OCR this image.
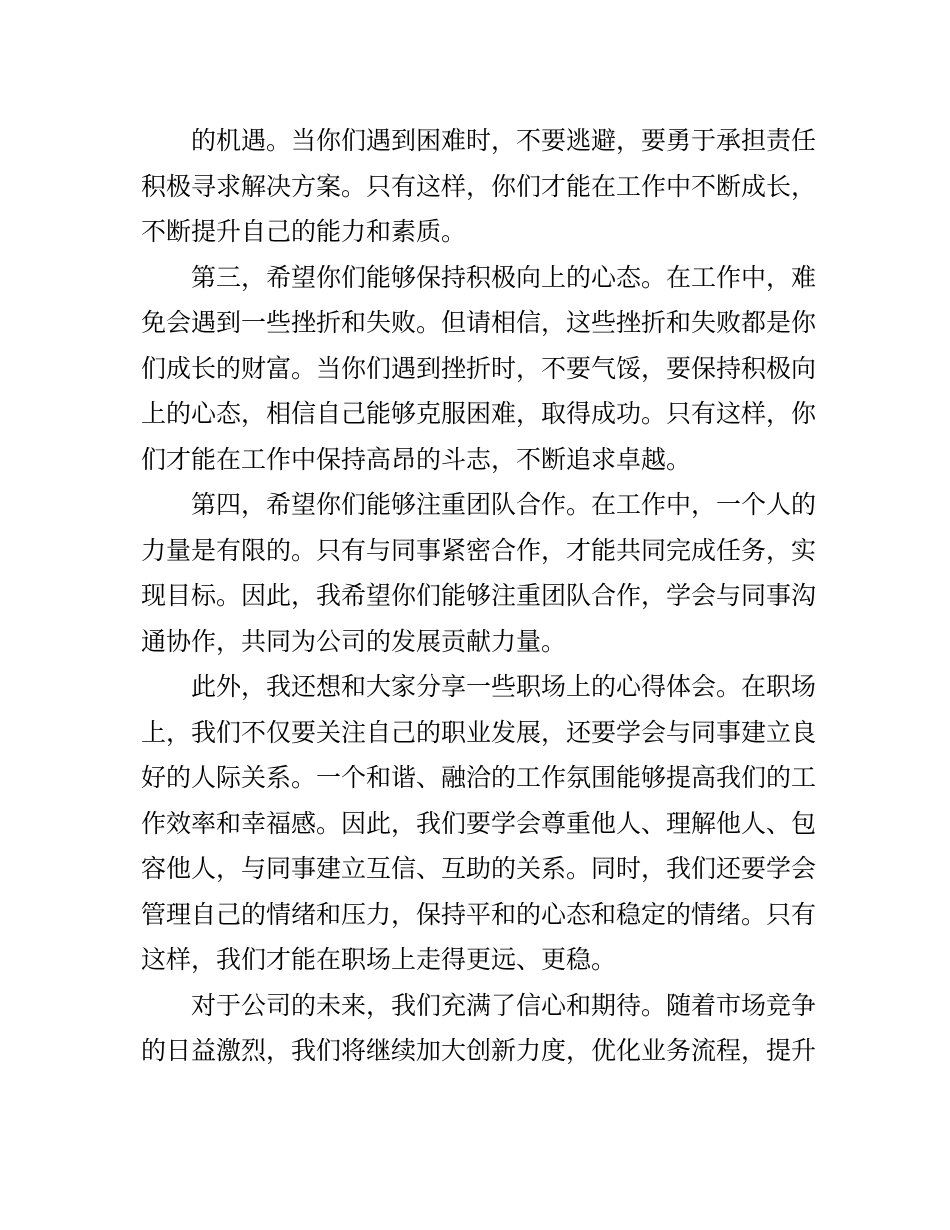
　　的机遇。当你们遇到困难时，不要逃避，要勇于承担责任
积极寻求解决方案。只有这样，你们才能在工作中不断成长，
不断提升自己的能力和素质。
　　第三，希望你们能够保持积极向上的心态。在工作中，难
免会遇到一些挫折和失败。但请相信，这些挫折和失败都是你
们成长的财富。当你们遇到挫折时，不要气馁，要保持积极向
上的心态，相信自己能够克服困难，取得成功。只有这样，你
们才能在工作中保持高昂的斗志，不断追求卓越。
　　第四，希望你们能够注重团队合作。在工作中，一个人的
力量是有限的。只有与同事紧密合作，才能共同完成任务，实
现目标。因此，我希望你们能够注重团队合作，学会与同事沟
通协作，共同为公司的发展贡献力量。
　　此外，我还想和大家分享一些职场上的心得体会。在职场
上，我们不仅要关注自己的职业发展，还要学会与同事建立良
好的人际关系。一个和谐、融洽的工作氛围能够提高我们的工
作效率和幸福感。因此，我们要学会尊重他人、理解他人、包
容他人，与同事建立互信、互助的关系。同时，我们还要学会
管理自己的情绪和压力，保持平和的心态和稳定的情绪。只有
这样，我们才能在职场上走得更远、更稳。
　　对于公司的未来，我们充满了信心和期待。随着市场竞争
的日益激烈，我们将继续加大创新力度，优化业务流程，提升
